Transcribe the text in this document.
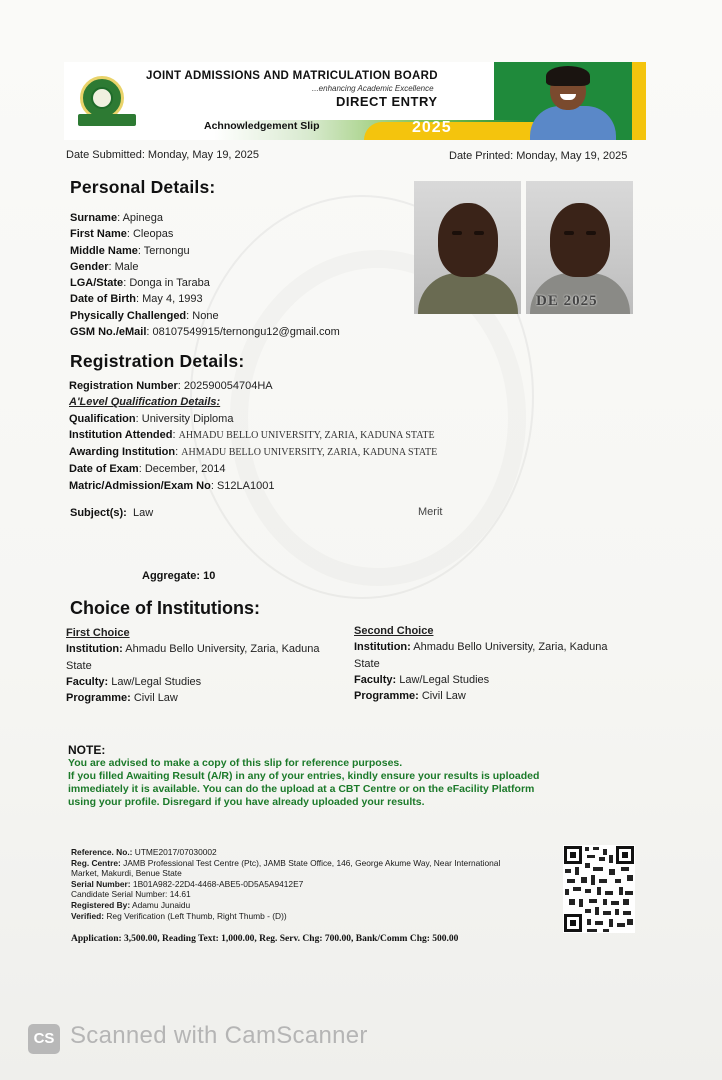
JOINT ADMISSIONS AND MATRICULATION BOARD
...enhancing Academic Excellence
DIRECT ENTRY
Achnowledgement Slip	2025
Date Submitted: Monday, May 19, 2025	Date Printed: Monday, May 19, 2025
Personal Details:
Surname: Apinega
First Name: Cleopas
Middle Name: Ternongu
Gender: Male
LGA/State: Donga in Taraba
Date of Birth: May 4, 1993
Physically Challenged: None
GSM No./eMail: 08107549915/ternongu12@gmail.com
DE 2025
Registration Details:
Registration Number: 202590054704HA
A'Level Qualification Details:
Qualification: University Diploma
Institution Attended: AHMADU BELLO UNIVERSITY, ZARIA, KADUNA STATE
Awarding Institution: AHMADU BELLO UNIVERSITY, ZARIA, KADUNA STATE
Date of Exam: December, 2014
Matric/Admission/Exam No: S12LA1001
Subject(s): Law	Merit
Aggregate: 10
Choice of Institutions:
First Choice
Institution: Ahmadu Bello University, Zaria, Kaduna State
Faculty: Law/Legal Studies
Programme: Civil Law
Second Choice
Institution: Ahmadu Bello University, Zaria, Kaduna State
Faculty: Law/Legal Studies
Programme: Civil Law
NOTE:
You are advised to make a copy of this slip for reference purposes.
If you filled Awaiting Result (A/R) in any of your entries, kindly ensure your results is uploaded
immediately it is available. You can do the upload at a CBT Centre or on the eFacility Platform
using your profile. Disregard if you have already uploaded your results.
Reference. No.: UTME2017/07030002
Reg. Centre: JAMB Professional Test Centre (Ptc), JAMB State Office, 146, George Akume Way, Near International
Market, Makurdi, Benue State
Serial Number: 1B01A982-22D4-4468-ABE5-0D5A5A9412E7
Candidate Serial Number: 14.61
Registered By: Adamu Junaidu
Verified: Reg Verification (Left Thumb, Right Thumb - (D))
Application: 3,500.00, Reading Text: 1,000.00, Reg. Serv. Chg: 700.00, Bank/Comm Chg: 500.00
CS Scanned with CamScanner
